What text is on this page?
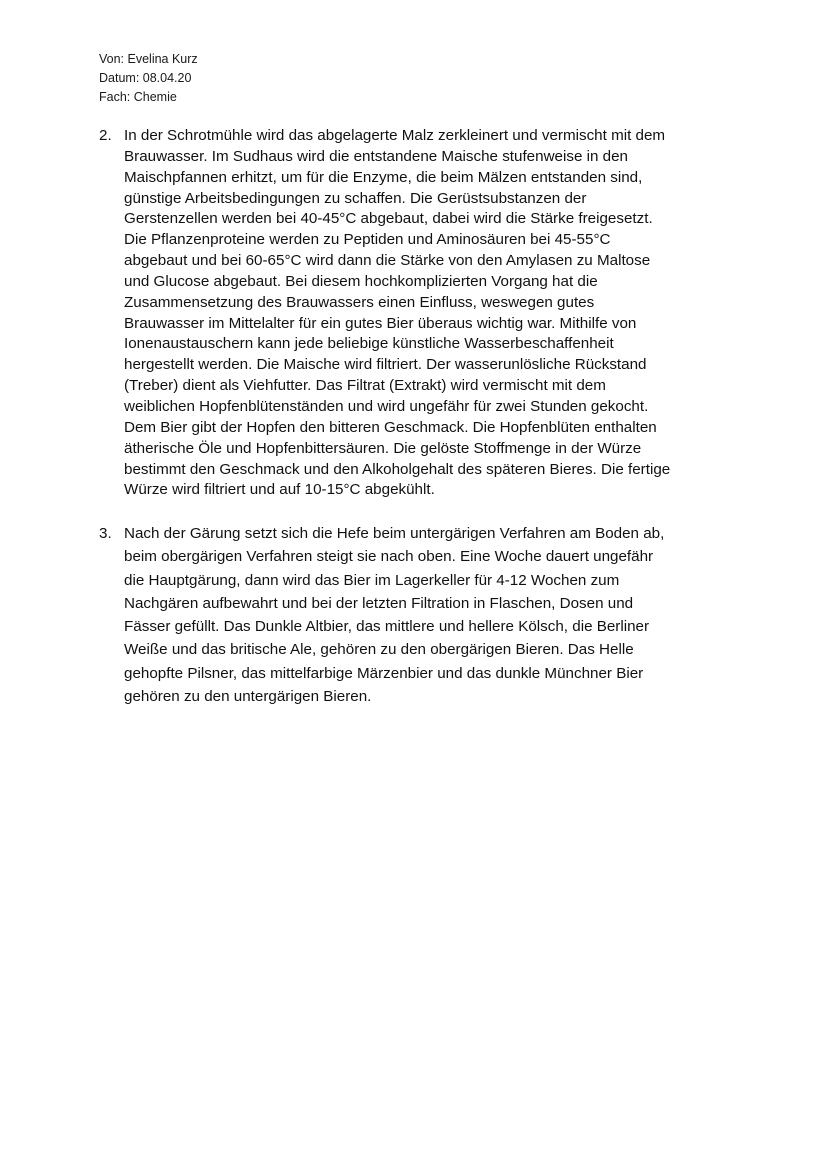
Von: Evelina Kurz
Datum: 08.04.20
Fach: Chemie
2. In der Schrotmühle wird das abgelagerte Malz zerkleinert und vermischt mit dem
Brauwasser. Im Sudhaus wird die entstandene Maische stufenweise in den
Maischpfannen erhitzt, um für die Enzyme, die beim Mälzen entstanden sind,
günstige Arbeitsbedingungen zu schaffen. Die Gerüstsubstanzen der
Gerstenzellen werden bei 40-45°C abgebaut, dabei wird die Stärke freigesetzt.
Die Pflanzenproteine werden zu Peptiden und Aminosäuren bei 45-55°C
abgebaut und bei 60-65°C wird dann die Stärke von den Amylasen zu Maltose
und Glucose abgebaut. Bei diesem hochkomplizierten Vorgang hat die
Zusammensetzung des Brauwassers einen Einfluss, weswegen gutes
Brauwasser im Mittelalter für ein gutes Bier überaus wichtig war. Mithilfe von
Ionenaustauschern kann jede beliebige künstliche Wasserbeschaffenheit
hergestellt werden. Die Maische wird filtriert. Der wasserunlösliche Rückstand
(Treber) dient als Viehfutter. Das Filtrat (Extrakt) wird vermischt mit dem
weiblichen Hopfenblütenständen und wird ungefähr für zwei Stunden gekocht.
Dem Bier gibt der Hopfen den bitteren Geschmack. Die Hopfenblüten enthalten
ätherische Öle und Hopfenbittersäuren. Die gelöste Stoffmenge in der Würze
bestimmt den Geschmack und den Alkoholgehalt des späteren Bieres. Die fertige
Würze wird filtriert und auf 10-15°C abgekühlt.
3. Nach der Gärung setzt sich die Hefe beim untergärigen Verfahren am Boden ab,
beim obergärigen Verfahren steigt sie nach oben. Eine Woche dauert ungefähr
die Hauptgärung, dann wird das Bier im Lagerkeller für 4-12 Wochen zum
Nachgären aufbewahrt und bei der letzten Filtration in Flaschen, Dosen und
Fässer gefüllt. Das Dunkle Altbier, das mittlere und hellere Kölsch, die Berliner
Weiße und das britische Ale, gehören zu den obergärigen Bieren. Das Helle
gehopfte Pilsner, das mittelfarbige Märzenbier und das dunkle Münchner Bier
gehören zu den untergärigen Bieren.
